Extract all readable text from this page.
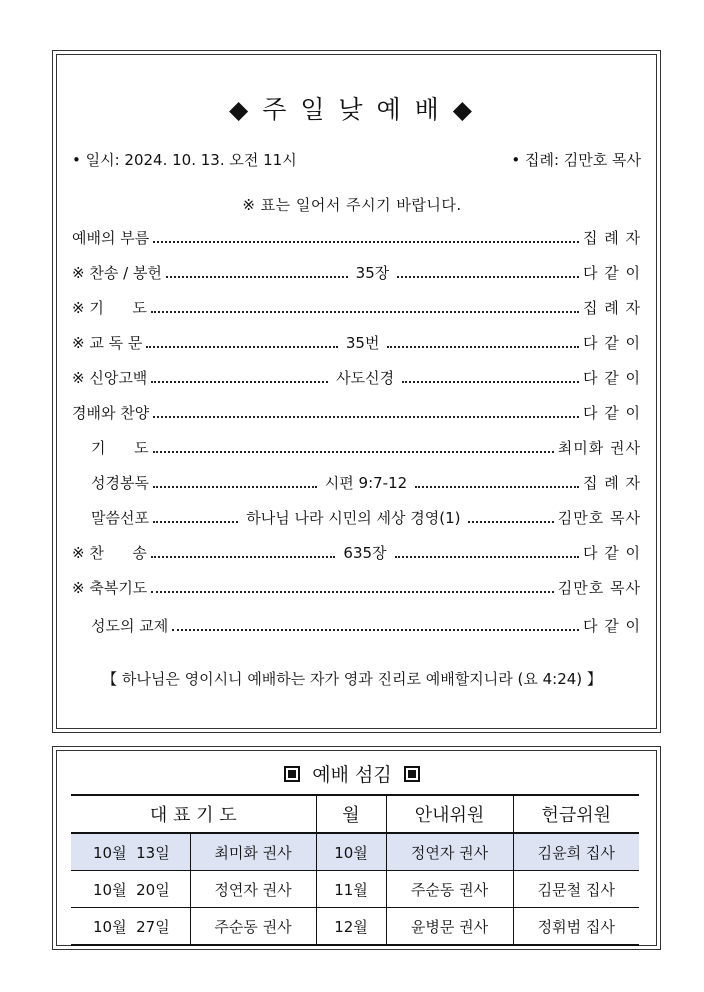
◆ 주 일 낮 예 배 ◆
• 일시: 2024. 10. 13. 오전 11시	• 집례: 김만호 목사
※ 표는 일어서 주시기 바랍니다.
예배의 부름	집 례 자
※ 찬송 / 봉헌	35장	다 같 이
※ 기      도	집 례 자
※ 교 독 문	35번	다 같 이
※ 신앙고백	사도신경	다 같 이
경배와 찬양	다 같 이
기      도	최미화 권사
성경봉독	시편 9:7-12	집 례 자
말씀선포	하나님 나라 시민의 세상 경영(1)	김만호 목사
※ 찬      송	635장	다 같 이
※ 축복기도	김만호 목사
성도의 교제	다 같 이
【 하나님은 영이시니 예배하는 자가 영과 진리로 예배할지니라 (요 4:24) 】
예배 섬김
대 표 기 도		월	안내위원	헌금위원
10월  13일	최미화 권사	10월	정연자 권사	김윤희 집사
10월  20일	정연자 권사	11월	주순동 권사	김문철 집사
10월  27일	주순동 권사	12월	윤병문 권사	정휘범 집사
